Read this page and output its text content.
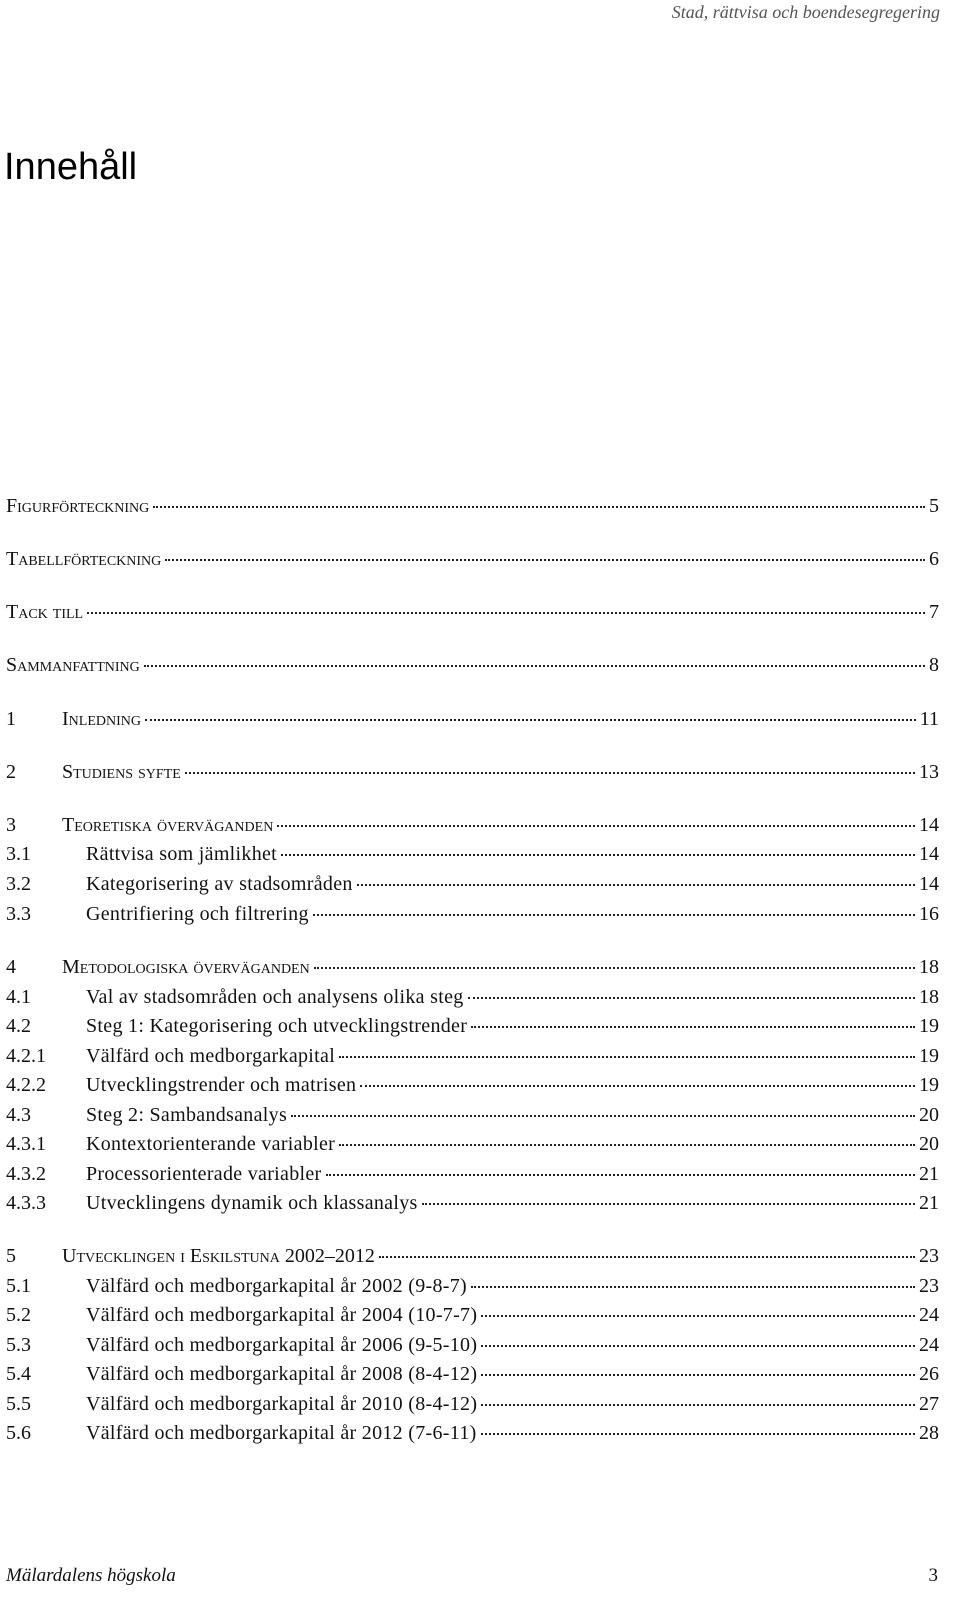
Stad, rättvisa och boendesegregering
Innehåll
Figurförteckning	5
Tabellförteckning	6
Tack till	7
Sammanfattning	8
1	Inledning	11
2	Studiens syfte	13
3	Teoretiska överväganden	14
3.1	Rättvisa som jämlikhet	14
3.2	Kategorisering av stadsområden	14
3.3	Gentrifiering och filtrering	16
4	Metodologiska överväganden	18
4.1	Val av stadsområden och analysens olika steg	18
4.2	Steg 1: Kategorisering och utvecklingstrender	19
4.2.1	Välfärd och medborgarkapital	19
4.2.2	Utvecklingstrender och matrisen	19
4.3	Steg 2: Sambandsanalys	20
4.3.1	Kontextorienterande variabler	20
4.3.2	Processorienterade variabler	21
4.3.3	Utvecklingens dynamik och klassanalys	21
5	Utvecklingen i Eskilstuna 2002–2012	23
5.1	Välfärd och medborgarkapital år 2002 (9-8-7)	23
5.2	Välfärd och medborgarkapital år 2004 (10-7-7)	24
5.3	Välfärd och medborgarkapital år 2006 (9-5-10)	24
5.4	Välfärd och medborgarkapital år 2008 (8-4-12)	26
5.5	Välfärd och medborgarkapital år 2010 (8-4-12)	27
5.6	Välfärd och medborgarkapital år 2012 (7-6-11)	28
Mälardalens högskola	3
